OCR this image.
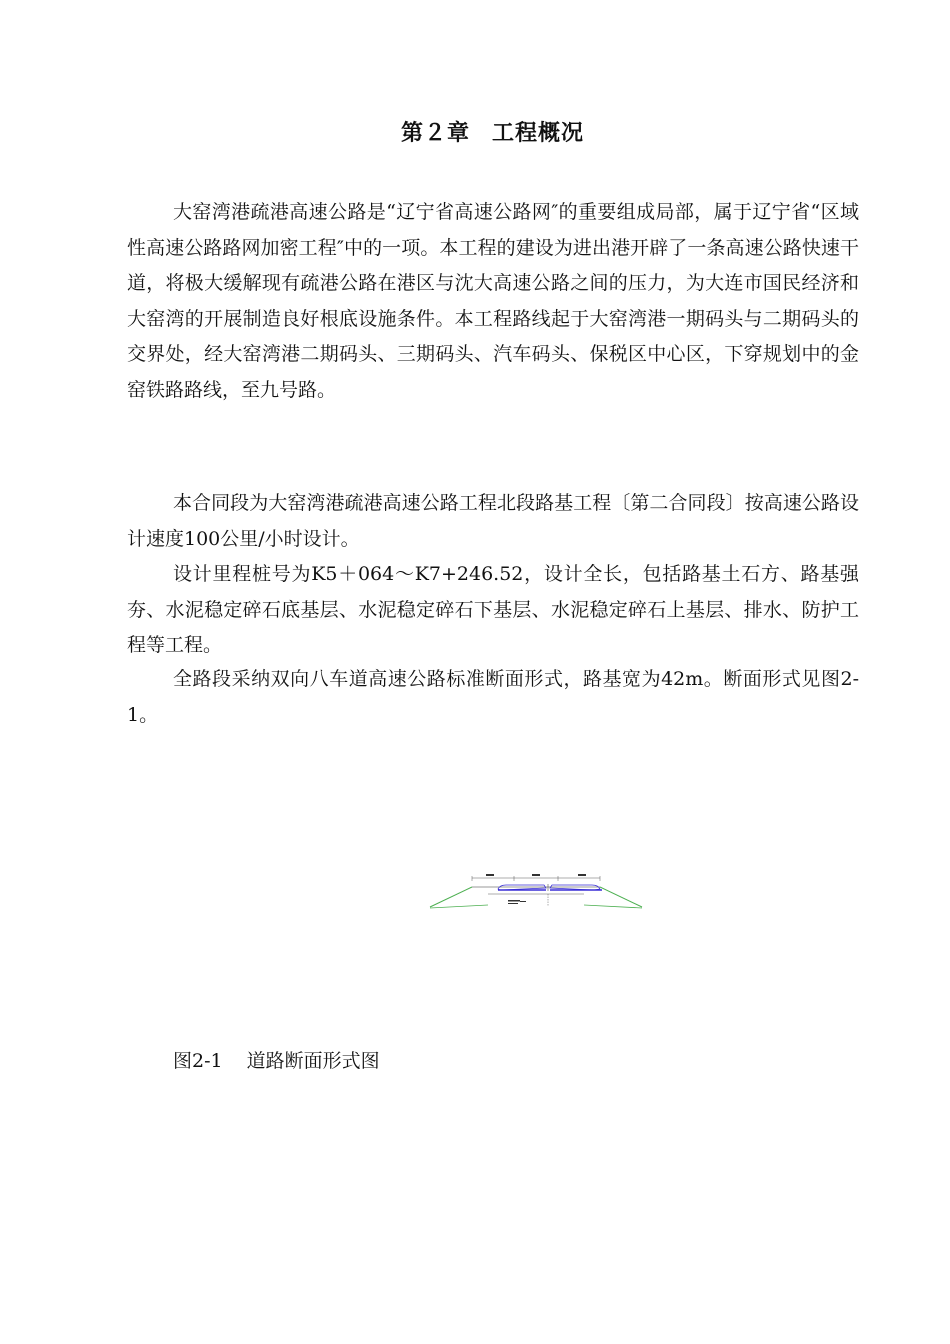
第２章 工程概况

大窑湾港疏港高速公路是“辽宁省高速公路网″的重要组成局部，属于辽宁省“区域性高速公路路网加密工程″中的一项。本工程的建设为进出港开辟了一条高速公路快速干道，将极大缓解现有疏港公路在港区与沈大高速公路之间的压力，为大连市国民经济和大窑湾的开展制造良好根底设施条件。本工程路线起于大窑湾港一期码头与二期码头的交界处，经大窑湾港二期码头、三期码头、汽车码头、保税区中心区，下穿规划中的金窑铁路路线，至九号路。

本合同段为大窑湾港疏港高速公路工程北段路基工程〔第二合同段〕按高速公路设计速度100公里/小时设计。

设计里程桩号为K5＋064～K7+246.52，设计全长，包括路基土石方、路基强夯、水泥稳定碎石底基层、水泥稳定碎石下基层、水泥稳定碎石上基层、排水、防护工程等工程。

全路段采纳双向八车道高速公路标准断面形式，路基宽为42m。断面形式见图2-1。

图2-1 道路断面形式图
